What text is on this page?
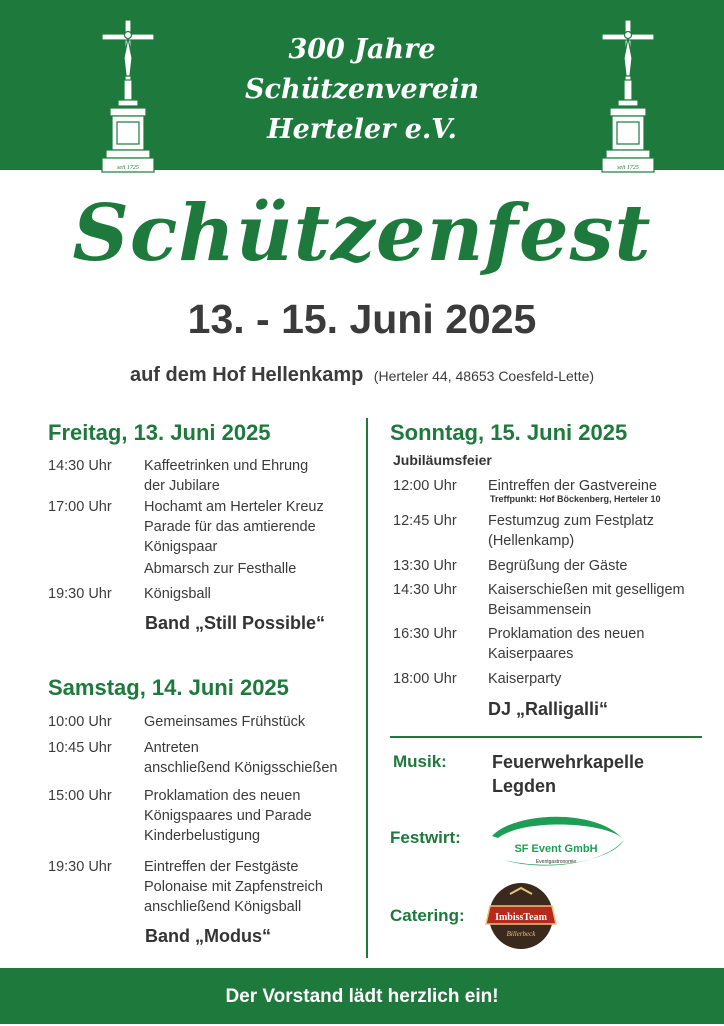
seit 1725	seit 1725
300 Jahre
Schützenverein
Herteler e.V.
Schützenfest
13. - 15. Juni 2025
auf dem Hof Hellenkamp (Herteler 44, 48653 Coesfeld-Lette)
Freitag, 13. Juni 2025
14:30 Uhr	Kaffeetrinken und Ehrung
der Jubilare
17:00 Uhr	Hochamt am Herteler Kreuz
Parade für das amtierende
Königspaar
Abmarsch zur Festhalle
19:30 Uhr	Königsball
Band „Still Possible“
Samstag, 14. Juni 2025
10:00 Uhr	Gemeinsames Frühstück
10:45 Uhr	Antreten
anschließend Königsschießen
15:00 Uhr	Proklamation des neuen
Königspaares und Parade
Kinderbelustigung
19:30 Uhr	Eintreffen der Festgäste
Polonaise mit Zapfenstreich
anschließend Königsball
Band „Modus“
Sonntag, 15. Juni 2025
Jubiläumsfeier
12:00 Uhr	Eintreffen der Gastvereine
Treffpunkt: Hof Böckenberg, Herteler 10
12:45 Uhr	Festumzug zum Festplatz
(Hellenkamp)
13:30 Uhr	Begrüßung der Gäste
14:30 Uhr	Kaiserschießen mit geselligem
Beisammensein
16:30 Uhr	Proklamation des neuen
Kaiserpaares
18:00 Uhr	Kaiserparty
DJ „Ralligalli“
Musik:	Feuerwehrkapelle
Legden
Festwirt:
SF Event GmbH
Eventgastronomie
Catering:	ImbissTeam
Billerbeck
Der Vorstand lädt herzlich ein!
